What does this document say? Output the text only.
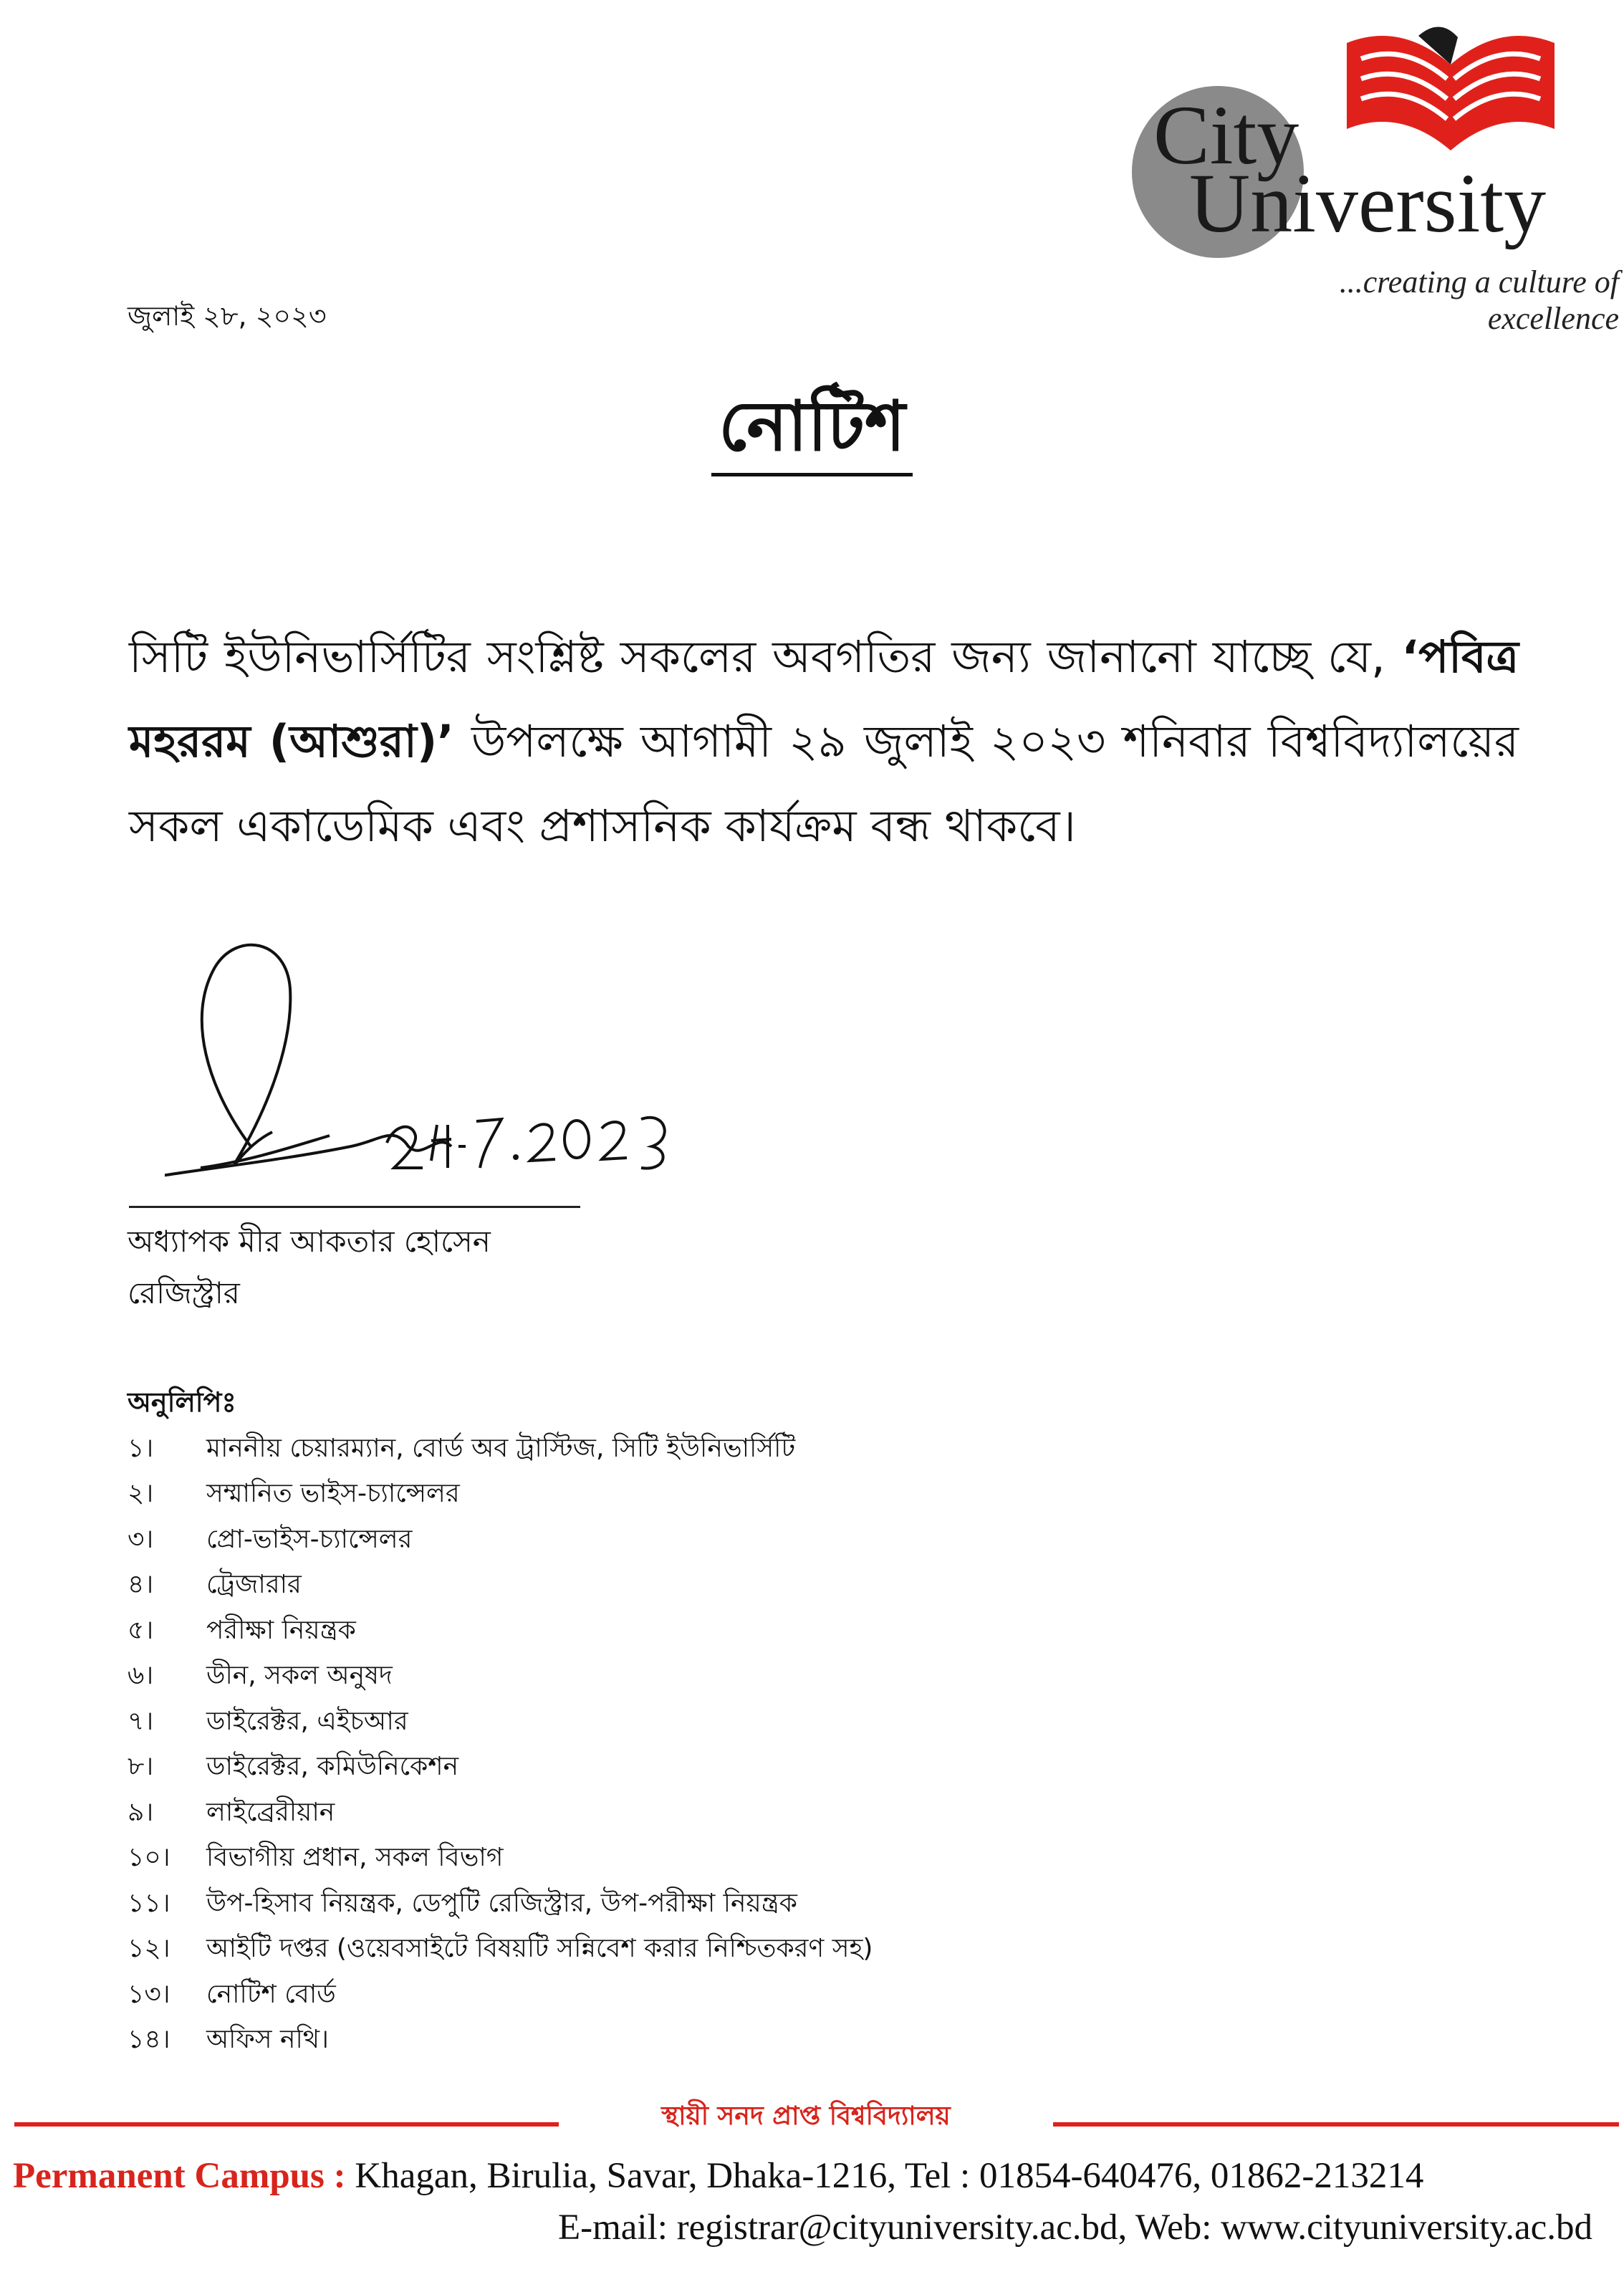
City
University
...creating a culture of excellence
জুলাই ২৮, ২০২৩
নোটিশ
সিটি ইউনিভার্সিটির সংশ্লিষ্ট সকলের অবগতির জন্য জানানো যাচ্ছে যে, ‘পবিত্র মহররম (আশুরা)’ উপলক্ষে আগামী ২৯ জুলাই ২০২৩ শনিবার বিশ্ববিদ্যালয়ের সকল একাডেমিক এবং প্রশাসনিক কার্যক্রম বন্ধ থাকবে।
অধ্যাপক মীর আকতার হোসেন
রেজিস্ট্রার
অনুলিপিঃ
১।	মাননীয় চেয়ারম্যান, বোর্ড অব ট্রাস্টিজ, সিটি ইউনিভার্সিটি
২।	সম্মানিত ভাইস-চ্যান্সেলর
৩।	প্রো-ভাইস-চ্যান্সেলর
৪।	ট্রেজারার
৫।	পরীক্ষা নিয়ন্ত্রক
৬।	ডীন, সকল অনুষদ
৭।	ডাইরেক্টর, এইচআর
৮।	ডাইরেক্টর, কমিউনিকেশন
৯।	লাইব্রেরীয়ান
১০।	বিভাগীয় প্রধান, সকল বিভাগ
১১।	উপ-হিসাব নিয়ন্ত্রক, ডেপুটি রেজিস্ট্রার, উপ-পরীক্ষা নিয়ন্ত্রক
১২।	আইটি দপ্তর (ওয়েবসাইটে বিষয়টি সন্নিবেশ করার নিশ্চিতকরণ সহ)
১৩।	নোটিশ বোর্ড
১৪।	অফিস নথি।
স্থায়ী সনদ প্রাপ্ত বিশ্ববিদ্যালয়
Permanent Campus : Khagan, Birulia, Savar, Dhaka-1216, Tel : 01854-640476, 01862-213214
E-mail: registrar@cityuniversity.ac.bd, Web: www.cityuniversity.ac.bd
